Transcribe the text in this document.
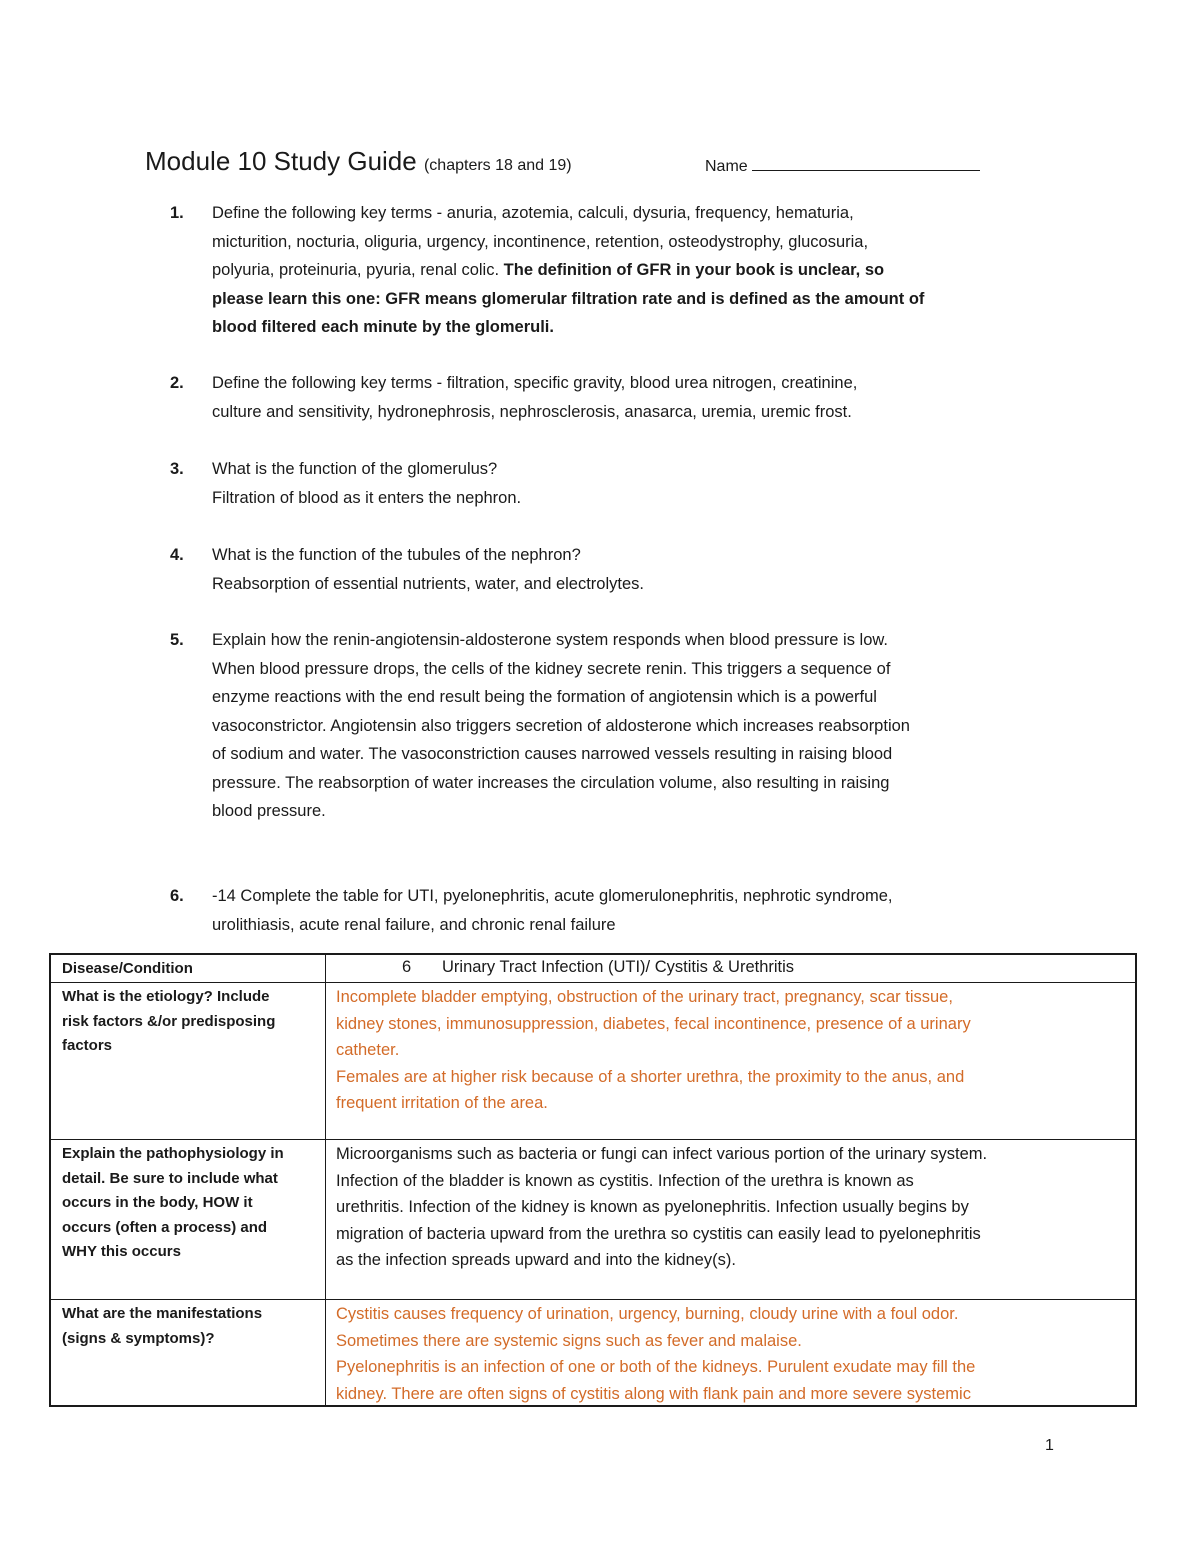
Module 10 Study Guide (chapters 18 and 19)	Name
1. Define the following key terms - anuria, azotemia, calculi, dysuria, frequency, hematuria,
micturition, nocturia, oliguria, urgency, incontinence, retention, osteodystrophy, glucosuria,
polyuria, proteinuria, pyuria, renal colic. The definition of GFR in your book is unclear, so
please learn this one: GFR means glomerular filtration rate and is defined as the amount of
blood filtered each minute by the glomeruli.
2. Define the following key terms - filtration, specific gravity, blood urea nitrogen, creatinine,
culture and sensitivity, hydronephrosis, nephrosclerosis, anasarca, uremia, uremic frost.
3. What is the function of the glomerulus?
Filtration of blood as it enters the nephron.
4. What is the function of the tubules of the nephron?
Reabsorption of essential nutrients, water, and electrolytes.
5. Explain how the renin-angiotensin-aldosterone system responds when blood pressure is low.
When blood pressure drops, the cells of the kidney secrete renin. This triggers a sequence of
enzyme reactions with the end result being the formation of angiotensin which is a powerful
vasoconstrictor. Angiotensin also triggers secretion of aldosterone which increases reabsorption
of sodium and water. The vasoconstriction causes narrowed vessels resulting in raising blood
pressure. The reabsorption of water increases the circulation volume, also resulting in raising
blood pressure.
6. -14 Complete the table for UTI, pyelonephritis, acute glomerulonephritis, nephrotic syndrome,
urolithiasis, acute renal failure, and chronic renal failure
Disease/Condition	6 Urinary Tract Infection (UTI)/ Cystitis & Urethritis
What is the etiology? Include
risk factors &/or predisposing
factors
Incomplete bladder emptying, obstruction of the urinary tract, pregnancy, scar tissue,
kidney stones, immunosuppression, diabetes, fecal incontinence, presence of a urinary
catheter.
Females are at higher risk because of a shorter urethra, the proximity to the anus, and
frequent irritation of the area.
Explain the pathophysiology in
detail. Be sure to include what
occurs in the body, HOW it
occurs (often a process) and
WHY this occurs
Microorganisms such as bacteria or fungi can infect various portion of the urinary system.
Infection of the bladder is known as cystitis. Infection of the urethra is known as
urethritis. Infection of the kidney is known as pyelonephritis. Infection usually begins by
migration of bacteria upward from the urethra so cystitis can easily lead to pyelonephritis
as the infection spreads upward and into the kidney(s).
What are the manifestations
(signs & symptoms)?
Cystitis causes frequency of urination, urgency, burning, cloudy urine with a foul odor.
Sometimes there are systemic signs such as fever and malaise.
Pyelonephritis is an infection of one or both of the kidneys. Purulent exudate may fill the
kidney. There are often signs of cystitis along with flank pain and more severe systemic
1
